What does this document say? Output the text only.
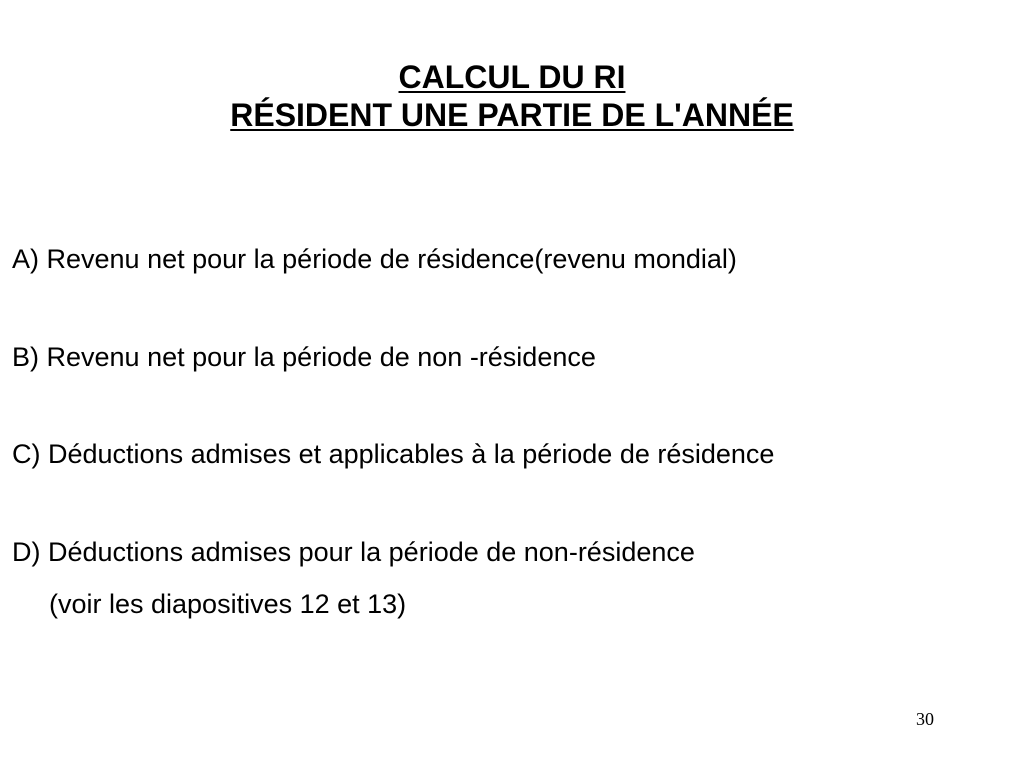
CALCUL DU RI
RÉSIDENT UNE PARTIE DE L'ANNÉE
A) Revenu net pour la période de résidence(revenu mondial)
B) Revenu net pour la période de non -résidence
C) Déductions admises et applicables à la période de résidence
D) Déductions admises pour la période de non-résidence
(voir les diapositives 12 et 13)
30
